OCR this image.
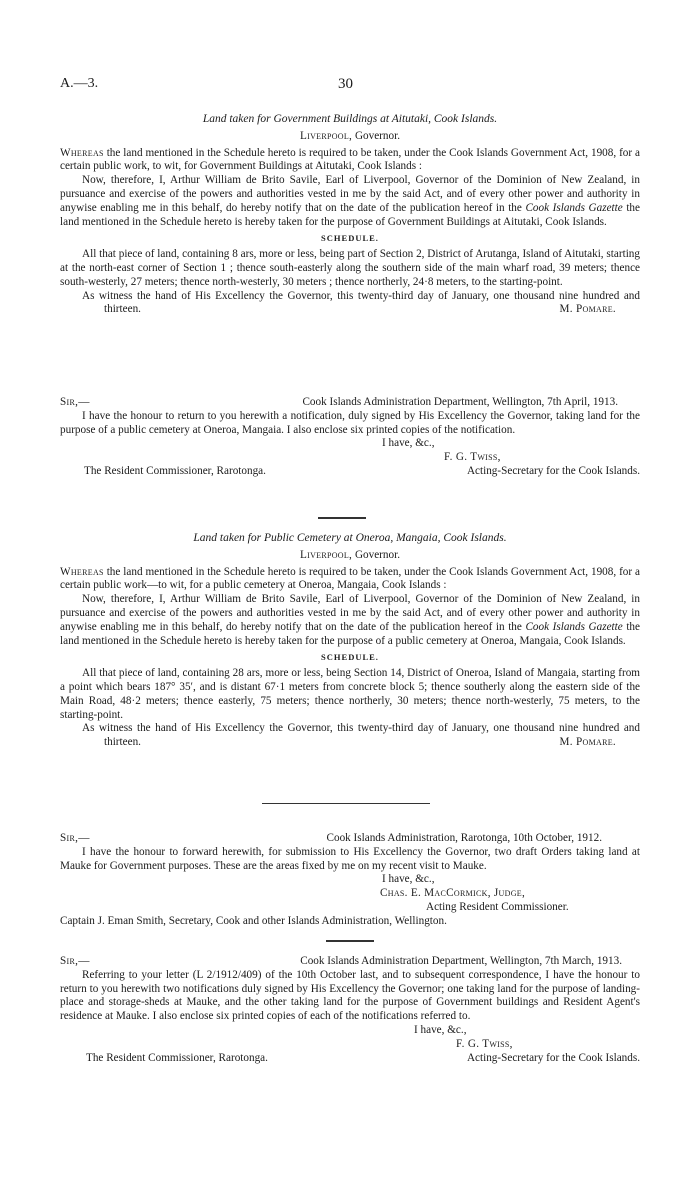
A.—3.	30
Land taken for Government Buildings at Aitutaki, Cook Islands.
Liverpool, Governor.

Whereas the land mentioned in the Schedule hereto is required to be taken, under the Cook Islands Government Act, 1908, for a certain public work, to wit, for Government Buildings at Aitutaki, Cook Islands :

Now, therefore, I, Arthur William de Brito Savile, Earl of Liverpool, Governor of the Dominion of New Zealand, in pursuance and exercise of the powers and authorities vested in me by the said Act, and of every other power and authority in anywise enabling me in this behalf, do hereby notify that on the date of the publication hereof in the Cook Islands Gazette the land mentioned in the Schedule hereto is hereby taken for the purpose of Government Buildings at Aitutaki, Cook Islands.

SCHEDULE.

All that piece of land, containing 8 ars, more or less, being part of Section 2, District of Arutanga, Island of Aitutaki, starting at the north-east corner of Section 1 ; thence south-easterly along the southern side of the main wharf road, 39 meters; thence south-westerly, 27 meters; thence north-westerly, 30 meters ; thence northerly, 24·8 meters, to the starting-point.

As witness the hand of His Excellency the Governor, this twenty-third day of January, one thousand nine hundred and thirteen.	M. Pomare.

Sir,—	Cook Islands Administration Department, Wellington, 7th April, 1913.

I have the honour to return to you herewith a notification, duly signed by His Excellency the Governor, taking land for the purpose of a public cemetery at Oneroa, Mangaia. I also enclose six printed copies of the notification.

I have, &c.,
F. G. Twiss,
The Resident Commissioner, Rarotonga.	Acting-Secretary for the Cook Islands.
Land taken for Public Cemetery at Oneroa, Mangaia, Cook Islands.
Liverpool, Governor.

Whereas the land mentioned in the Schedule hereto is required to be taken, under the Cook Islands Government Act, 1908, for a certain public work—to wit, for a public cemetery at Oneroa, Mangaia, Cook Islands :

Now, therefore, I, Arthur William de Brito Savile, Earl of Liverpool, Governor of the Dominion of New Zealand, in pursuance and exercise of the powers and authorities vested in me by the said Act, and of every other power and authority in anywise enabling me in this behalf, do hereby notify that on the date of the publication hereof in the Cook Islands Gazette the land mentioned in the Schedule hereto is hereby taken for the purpose of a public cemetery at Oneroa, Mangaia, Cook Islands.

SCHEDULE.

All that piece of land, containing 28 ars, more or less, being Section 14, District of Oneroa, Island of Mangaia, starting from a point which bears 187° 35′, and is distant 67·1 meters from concrete block 5; thence southerly along the eastern side of the Main Road, 48·2 meters; thence easterly, 75 meters; thence northerly, 30 meters; thence north-westerly, 75 meters, to the starting-point.

As witness the hand of His Excellency the Governor, this twenty-third day of January, one thousand nine hundred and thirteen.	M. Pomare.

Sir,—	Cook Islands Administration, Rarotonga, 10th October, 1912.

I have the honour to forward herewith, for submission to His Excellency the Governor, two draft Orders taking land at Mauke for Government purposes. These are the areas fixed by me on my recent visit to Mauke.

I have, &c.,
Chas. E. MacCormick, Judge,
Acting Resident Commissioner.
Captain J. Eman Smith, Secretary, Cook and other Islands Administration, Wellington.
Sir,—	Cook Islands Administration Department, Wellington, 7th March, 1913.

Referring to your letter (L 2/1912/409) of the 10th October last, and to subsequent correspondence, I have the honour to return to you herewith two notifications duly signed by His Excellency the Governor; one taking land for the purpose of landing-place and storage-sheds at Mauke, and the other taking land for the purpose of Government buildings and Resident Agent's residence at Mauke. I also enclose six printed copies of each of the notifications referred to.

I have, &c.,
F. G. Twiss,
The Resident Commissioner, Rarotonga.	Acting-Secretary for the Cook Islands.
